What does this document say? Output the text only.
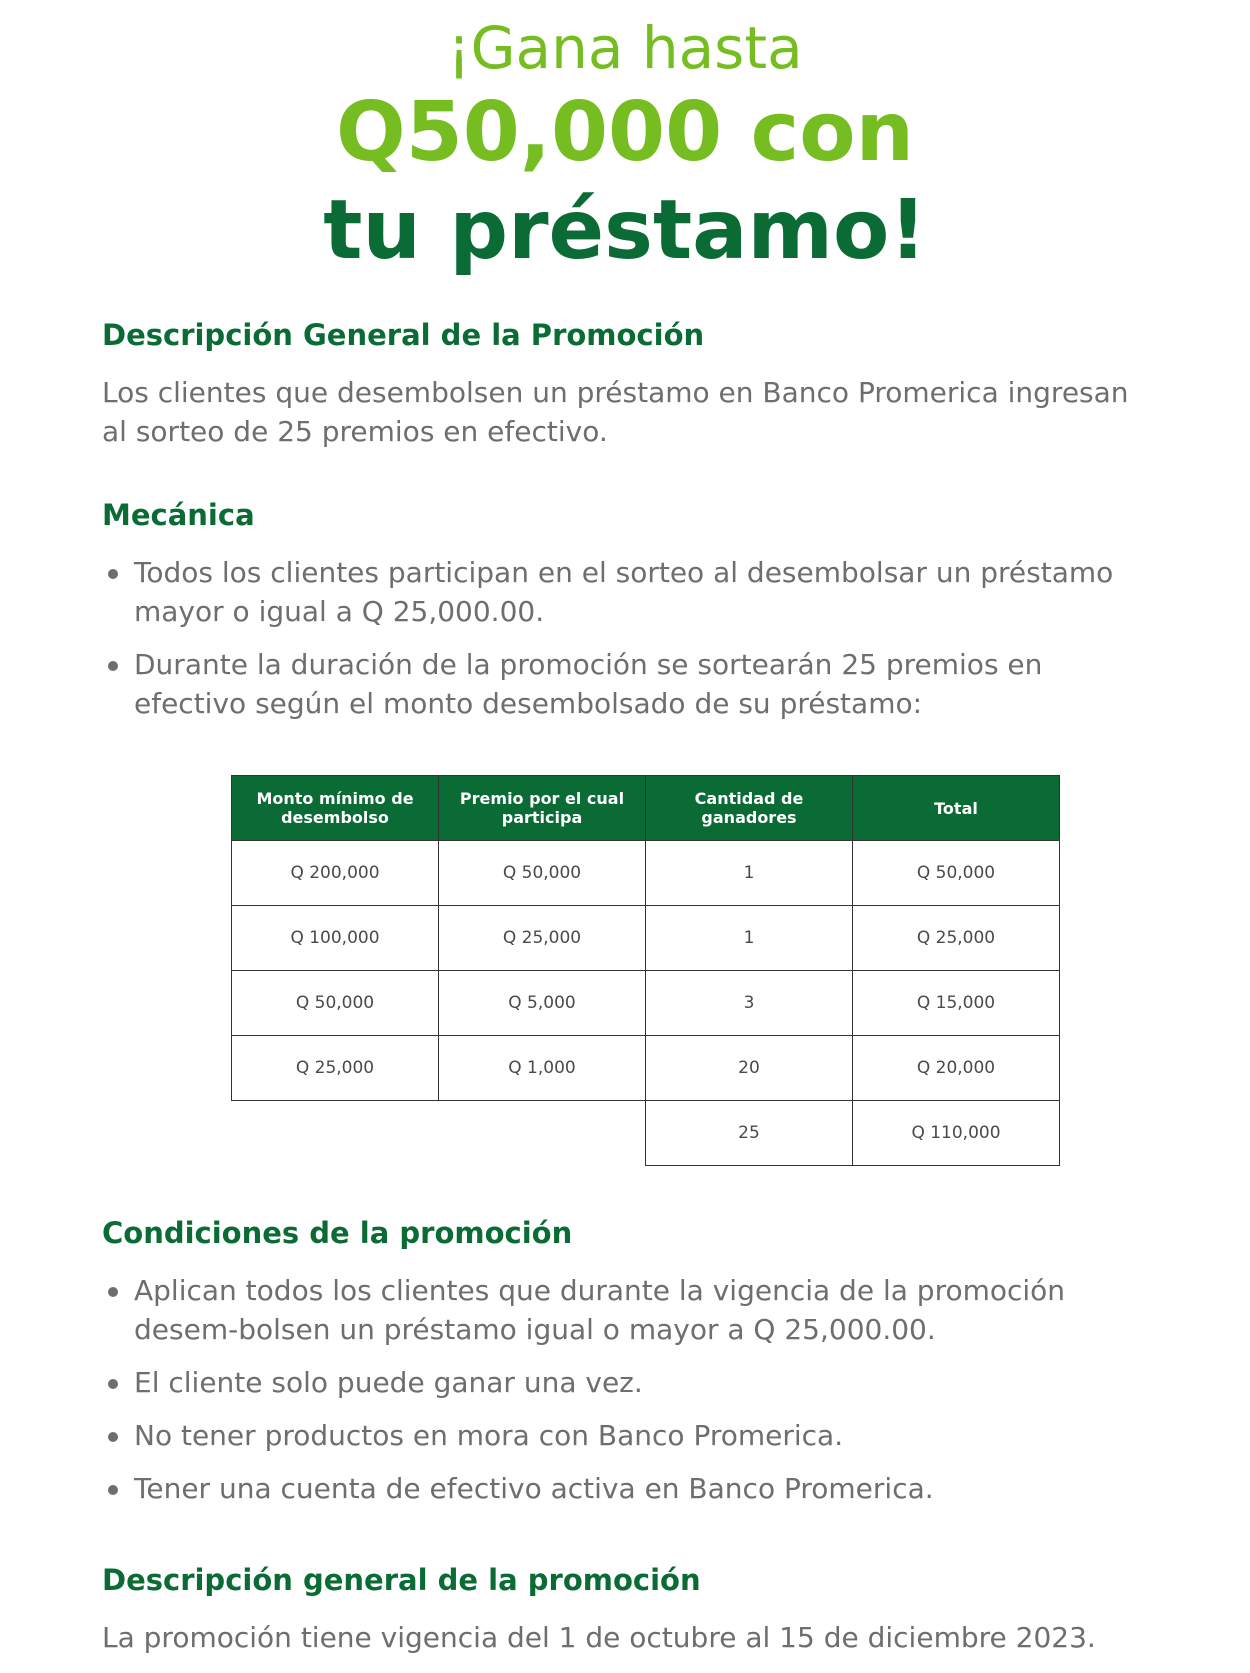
¡Gana hasta

Q50,000 con

tu préstamo!

Descripción General de la Promoción

Los clientes que desembolsen un préstamo en Banco Promerica ingresan al sorteo de 25 premios en efectivo.

Mecánica
Todos los clientes participan en el sorteo al desembolsar un préstamo mayor o igual a Q 25,000.00.
Durante la duración de la promoción se sortearán 25 premios en efectivo según el monto desembolsado de su préstamo:
Monto mínimo de desembolso	Premio por el cual participa	Cantidad de ganadores	Total
Q 200,000	Q 50,000	1	Q 50,000
Q 100,000	Q 25,000	1	Q 25,000
Q 50,000	Q 5,000	3	Q 15,000
Q 25,000	Q 1,000	20	Q 20,000
		25	Q 110,000
Condiciones de la promoción
Aplican todos los clientes que durante la vigencia de la promoción desem-bolsen un préstamo igual o mayor a Q 25,000.00.
El cliente solo puede ganar una vez.
No tener productos en mora con Banco Promerica.
Tener una cuenta de efectivo activa en Banco Promerica.
Descripción general de la promoción

La promoción tiene vigencia del 1 de octubre al 15 de diciembre 2023.
